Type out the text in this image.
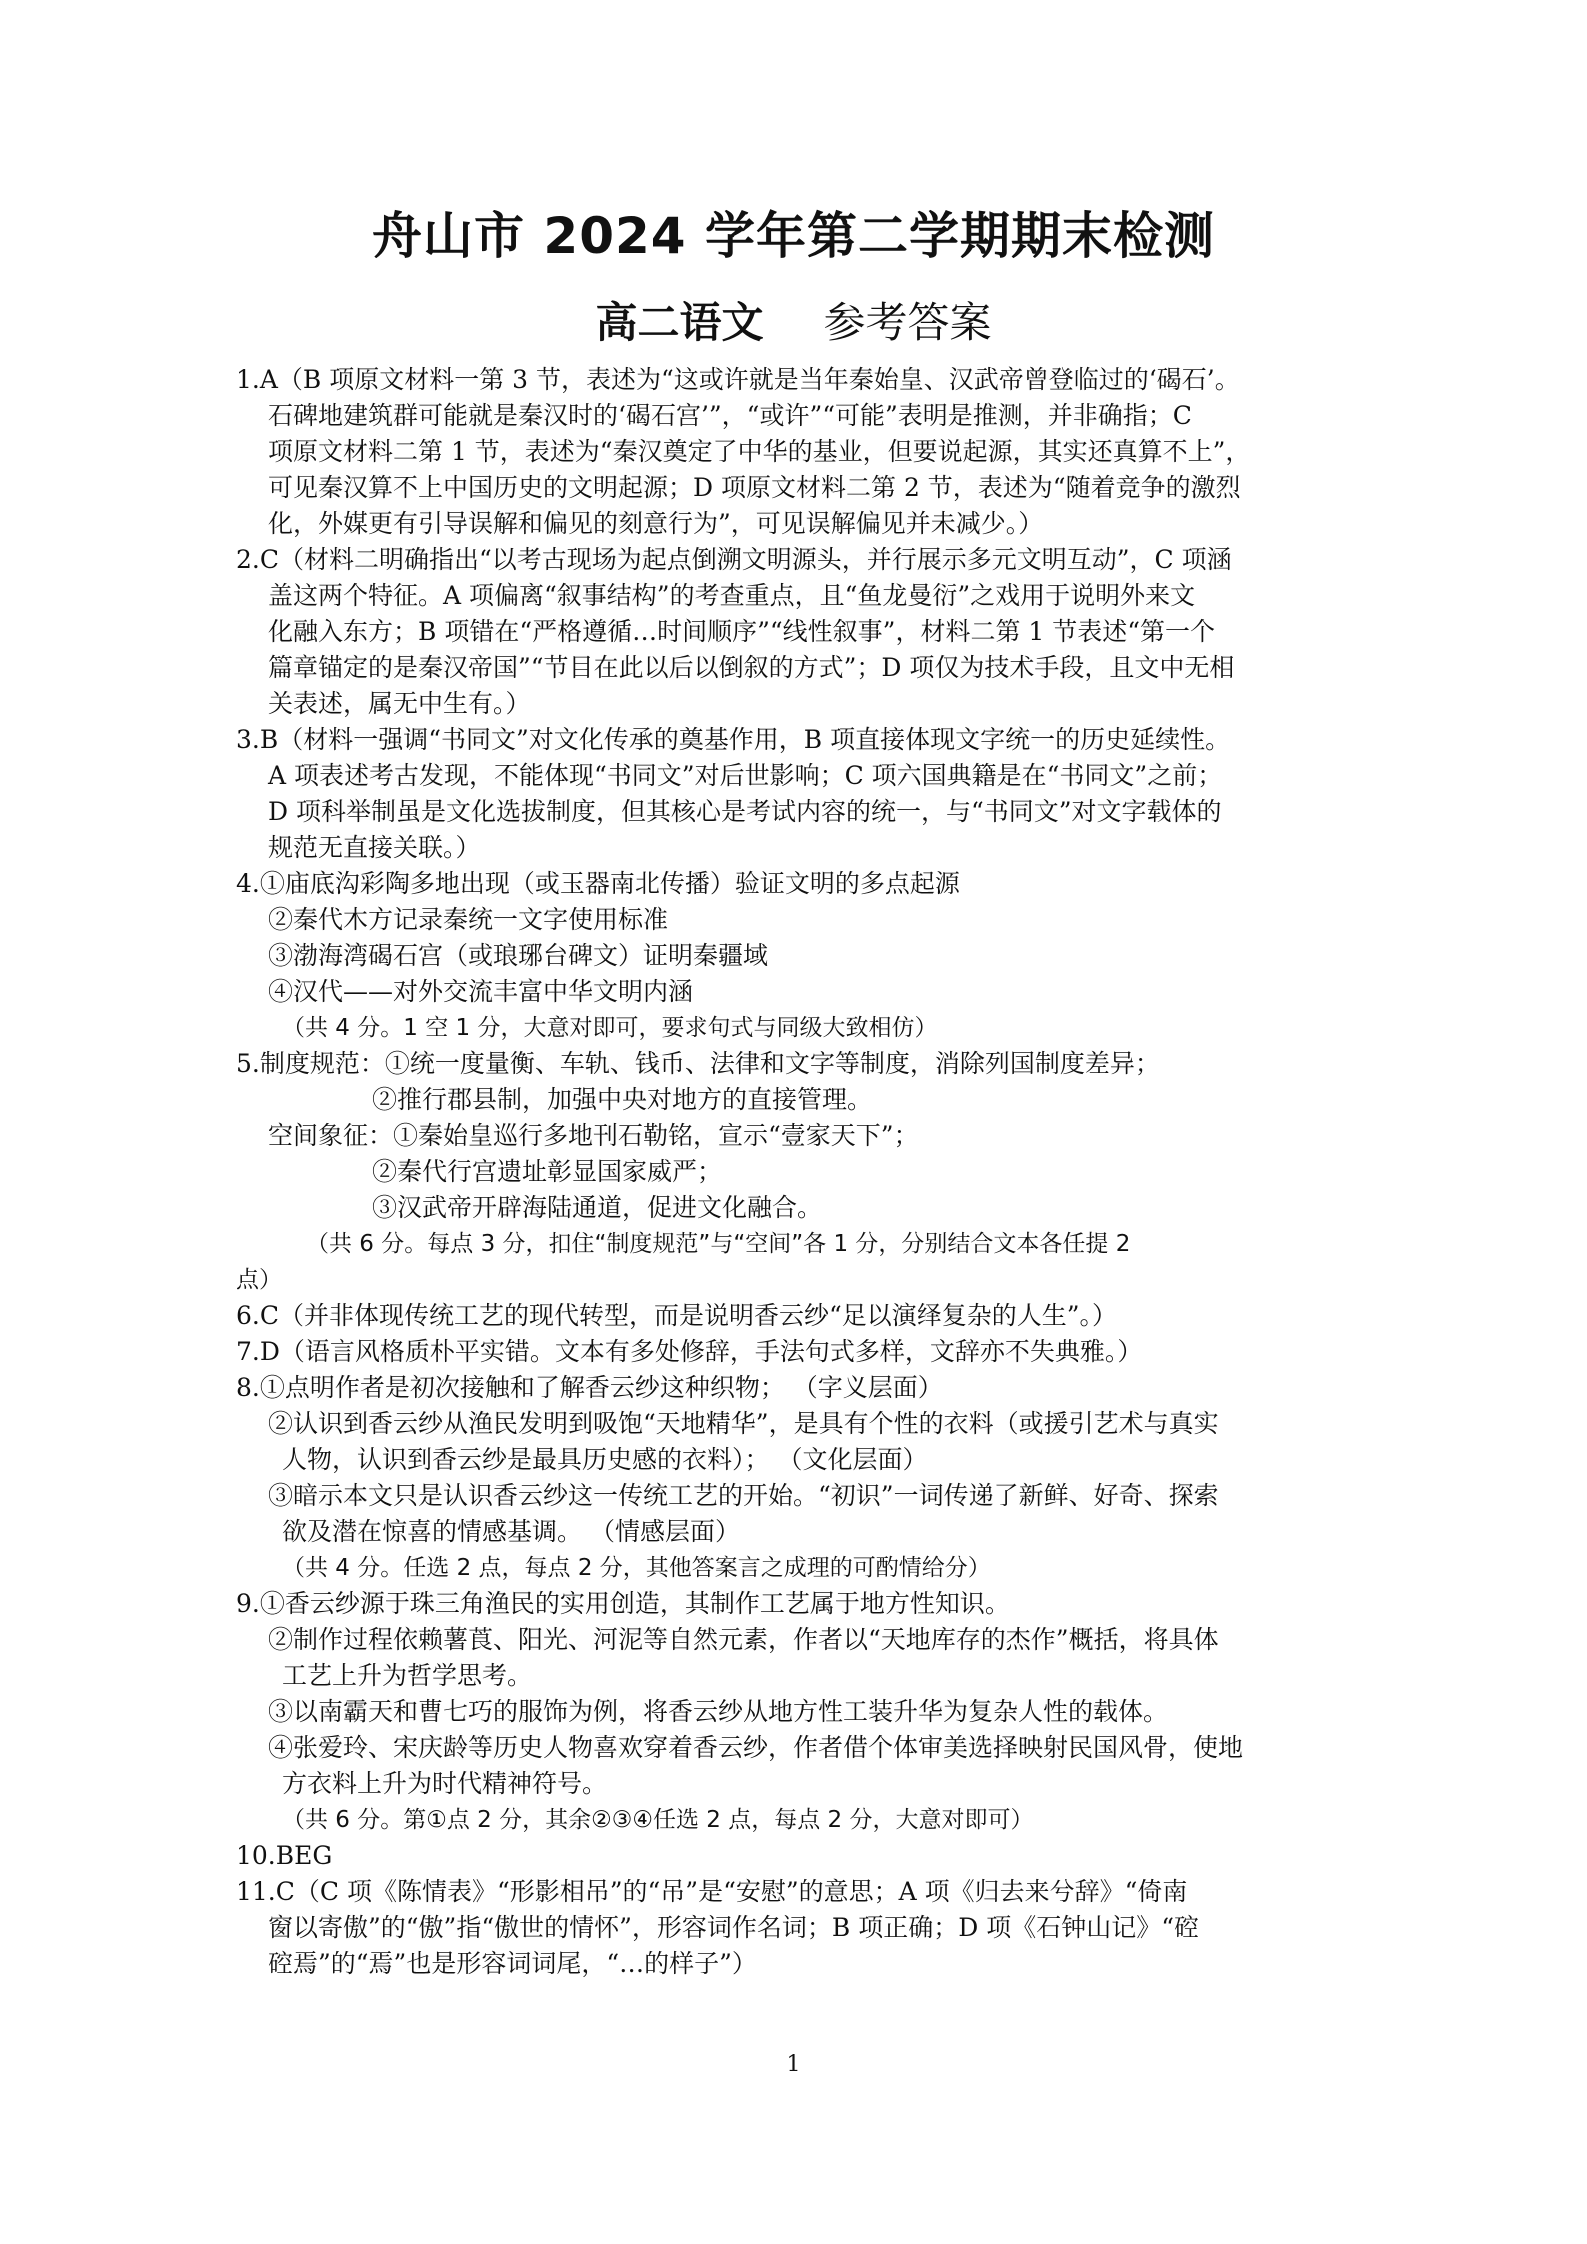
舟山市 2024 学年第二学期期末检测
高二语文 参考答案
1.A（B 项原文材料一第 3 节，表述为“这或许就是当年秦始皇、汉武帝曾登临过的‘碣石’。
石碑地建筑群可能就是秦汉时的‘碣石宫’”，“或许”“可能”表明是推测，并非确指；C
项原文材料二第 1 节，表述为“秦汉奠定了中华的基业，但要说起源，其实还真算不上”，
可见秦汉算不上中国历史的文明起源；D 项原文材料二第 2 节，表述为“随着竞争的激烈
化，外媒更有引导误解和偏见的刻意行为”，可见误解偏见并未减少。）
2.C（材料二明确指出“以考古现场为起点倒溯文明源头，并行展示多元文明互动”，C 项涵
盖这两个特征。A 项偏离“叙事结构”的考查重点，且“鱼龙曼衍”之戏用于说明外来文
化融入东方；B 项错在“严格遵循…时间顺序”“线性叙事”，材料二第 1 节表述“第一个
篇章锚定的是秦汉帝国”“节目在此以后以倒叙的方式”；D 项仅为技术手段，且文中无相
关表述，属无中生有。）
3.B（材料一强调“书同文”对文化传承的奠基作用，B 项直接体现文字统一的历史延续性。
A 项表述考古发现，不能体现“书同文”对后世影响；C 项六国典籍是在“书同文”之前；
D 项科举制虽是文化选拔制度，但其核心是考试内容的统一，与“书同文”对文字载体的
规范无直接关联。）
4.①庙底沟彩陶多地出现（或玉器南北传播）验证文明的多点起源
②秦代木方记录秦统一文字使用标准
③渤海湾碣石宫（或琅琊台碑文）证明秦疆域
④汉代——对外交流丰富中华文明内涵
（共 4 分。1 空 1 分，大意对即可，要求句式与同级大致相仿）
5.制度规范：①统一度量衡、车轨、钱币、法律和文字等制度，消除列国制度差异；
②推行郡县制，加强中央对地方的直接管理。
空间象征：①秦始皇巡行多地刊石勒铭，宣示“壹家天下”；
②秦代行宫遗址彰显国家威严；
③汉武帝开辟海陆通道，促进文化融合。
（共 6 分。每点 3 分，扣住“制度规范”与“空间”各 1 分，分别结合文本各任提 2
点）
6.C（并非体现传统工艺的现代转型，而是说明香云纱“足以演绎复杂的人生”。）
7.D（语言风格质朴平实错。文本有多处修辞，手法句式多样，文辞亦不失典雅。）
8.①点明作者是初次接触和了解香云纱这种织物； （字义层面）
②认识到香云纱从渔民发明到吸饱“天地精华”，是具有个性的衣料（或援引艺术与真实
人物，认识到香云纱是最具历史感的衣料）； （文化层面）
③暗示本文只是认识香云纱这一传统工艺的开始。“初识”一词传递了新鲜、好奇、探索
欲及潜在惊喜的情感基调。 （情感层面）
（共 4 分。任选 2 点，每点 2 分，其他答案言之成理的可酌情给分）
9.①香云纱源于珠三角渔民的实用创造，其制作工艺属于地方性知识。
②制作过程依赖薯莨、阳光、河泥等自然元素，作者以“天地库存的杰作”概括，将具体
工艺上升为哲学思考。
③以南霸天和曹七巧的服饰为例，将香云纱从地方性工装升华为复杂人性的载体。
④张爱玲、宋庆龄等历史人物喜欢穿着香云纱，作者借个体审美选择映射民国风骨，使地
方衣料上升为时代精神符号。
（共 6 分。第①点 2 分，其余②③④任选 2 点，每点 2 分，大意对即可）
10.BEG
11.C（C 项《陈情表》“形影相吊”的“吊”是“安慰”的意思；A 项《归去来兮辞》“倚南
窗以寄傲”的“傲”指“傲世的情怀”，形容词作名词；B 项正确；D 项《石钟山记》“硿
硿焉”的“焉”也是形容词词尾，“…的样子”）
1
